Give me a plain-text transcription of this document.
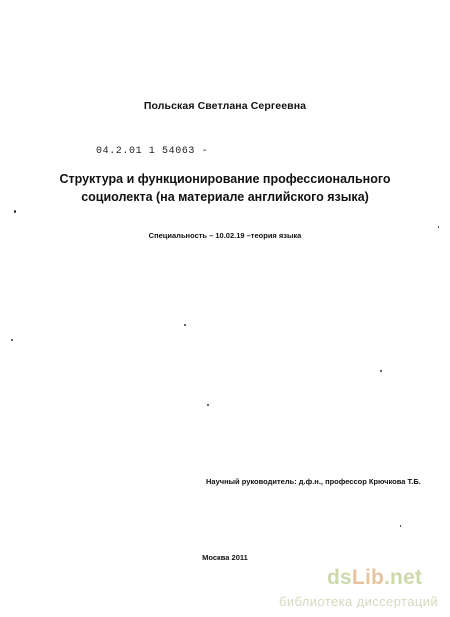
Польская Светлана Сергеевна
04.2.01 1 54063 -
Структура и функционирование профессионального
социолекта (на материале английского языка)
Специальность – 10.02.19 –теория языка
Научный руководитель: д.ф.н., профессор Крючкова Т.Б.
Москва 2011
dsLib.net
библиотека диссертаций
